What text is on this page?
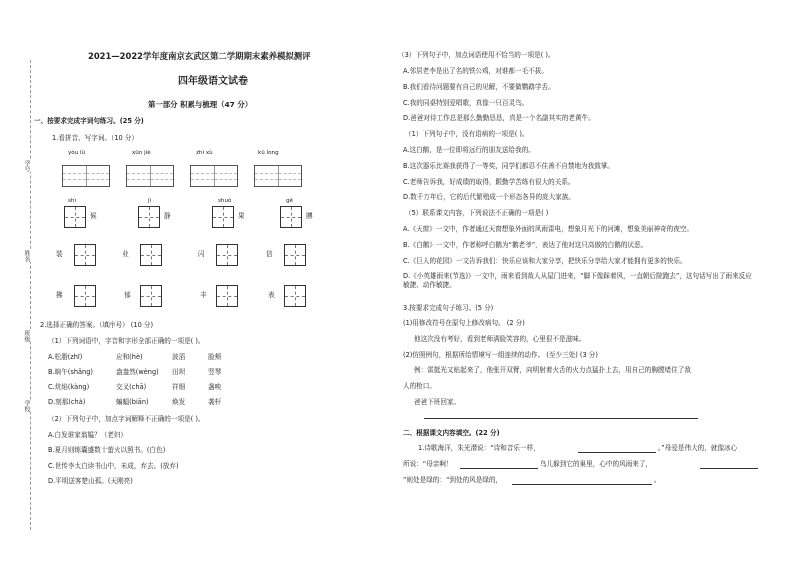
学号
姓名
班级
学校
2021—2022学年度南京玄武区第二学期期末素养模拟测评
四年级语文试卷
第一部分 积累与梳理（47 分）
一、按要求完成字词句练习。(25 分)
1.看拼音，写字词。（10 分）
yòu lù	xūn jiè	zhì xù	kū long
shì	jì	shuò	gē
候	静	果	膊
装	业	闪	信
拂	郁	丰	表
2.选择正确的答案。（填序号） (10 分)
（1）下列词语中，字音和字形全部正确的一项是( )。
A.松脂(zhī)	应和(hè)	波滔	脸颊
B.晌午(shǎng)	盎盎然(wèng) 田坝	竖琴
C.炕焰(kàng)	交叉(chā)	祥细	盏咉
D.刻那(chà)	蝙蝠(biān)	焕发	袭杆
（2）下列句子中，加点字词解释不正确的一项是( )。
A.白发谁家翁媪？（老妇）
B.夏月则练囊盛数十萤火以照书。(白色)
C.世传李太白读书山中，未成，弃去。(放弃)
D.平明送客楚山孤。(天刚亮)
（3）下列句子中，加点词语使用不恰当的一项是( )。
A.邻居老李是出了名的铁公鸡，对谁都一毛不拔。
B.我们看待问题要有自己的见解，不要做鹦鹉学舌。
C.我的同桌特别爱唱歌，真像一只百灵鸟。
D.爸爸对待工作总是那么勤勤恳恳，真是一个名副其实的老黄牛。
（1）下列句子中，没有语病的一项是( )。
A.这白鹅，是一位即将远行的朋友送给我的。
B.这次器乐比赛我获得了一等奖，同学们都忍不住善不自禁地为我鼓掌。
C.老师告诉我，好成绩的取得，跟勤学苦练有很大的关系。
D.数千万年后，它的后代繁殖成一个形态各异的庞大家族。
（5）联系课文内容，下列说法不正确的一项是( )
A.《天窗》一文中，作者通过天窗想象外面的风雨雷电，想象月光下的河滩，想象美丽神奇的夜空。
B.《白鹅》一文中，作者称呼白鹅为“鹅老爷”，表达了他对这只高傲的白鹅的厌恶。
C.《巨人的花园》一文告诉我们：快乐应该和大家分享，把快乐分享给大家才能拥有更多的快乐。
D.《小英雄雨来(节选)》一文中，雨来看到敌人从屋门进来，“脚下像踩着风，一直朝后院跑去”，这句话写出了雨来反应敏捷、动作敏捷。
3.按要求完成句子练习。(5 分)
(1)用修改符号在原句上修改病句。 (2 分)
他这次没有考好，看到老师满脸笑容的，心里很不是滋味。
(2)仿照例句，根据所给情境写一组连续的动作。 (至少三处) (3 分)
例：雷挺光又贴起来了，他张开双臂，向明射着火舌的火力点猛扑上去，用自己的胸膛堵住了敌
人的枪口。
爸爸下班回家。
二、根据课文内容填空。(22 分)
1.诗歌海洋，朱光潜说：“诗和音乐一样，	。”母爱是伟大的，就像冰心
所说：“母亲啊！	鸟儿躲到它的巢里，心中的风雨来了，
”则处是绿的：“到处的风是绿的，	。
